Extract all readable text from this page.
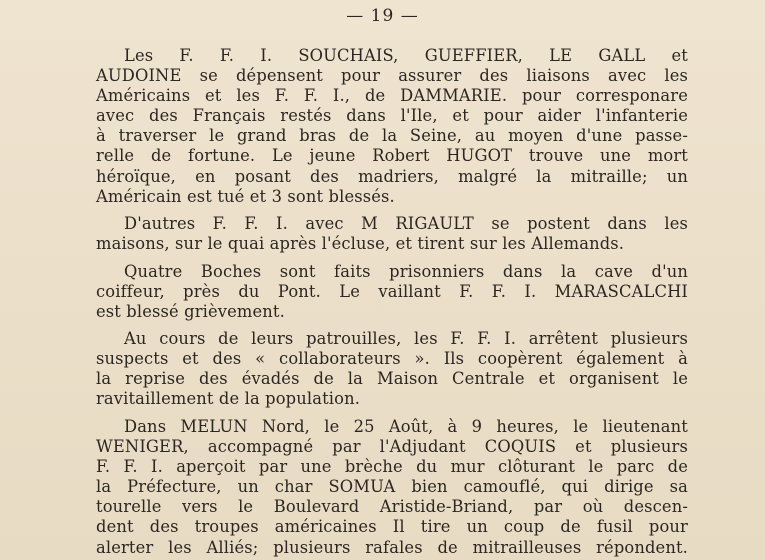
— 19 —
Les F. F. I. SOUCHAIS, GUEFFIER, LE GALL et
AUDOINE se dépensent pour assurer des liaisons avec les
Américains et les F. F. I., de DAMMARIE. pour corresponare
avec des Français restés dans l'Ile, et pour aider l'infanterie
à traverser le grand bras de la Seine, au moyen d'une passe-
relle de fortune. Le jeune Robert HUGOT trouve une mort
héroïque, en posant des madriers, malgré la mitraille; un
Américain est tué et 3 sont blessés.
D'autres F. F. I. avec M RIGAULT se postent dans les
maisons, sur le quai après l'écluse, et tirent sur les Allemands.
Quatre Boches sont faits prisonniers dans la cave d'un
coiffeur, près du Pont. Le vaillant F. F. I. MARASCALCHI
est blessé grièvement.
Au cours de leurs patrouilles, les F. F. I. arrêtent plusieurs
suspects et des « collaborateurs ». Ils coopèrent également à
la reprise des évadés de la Maison Centrale et organisent le
ravitaillement de la population.
Dans MELUN Nord, le 25 Août, à 9 heures, le lieutenant
WENIGER, accompagné par l'Adjudant COQUIS et plusieurs
F. F. I. aperçoit par une brèche du mur clôturant le parc de
la Préfecture, un char SOMUA bien camouflé, qui dirige sa
tourelle vers le Boulevard Aristide-Briand, par où descen-
dent des troupes américaines Il tire un coup de fusil pour
alerter les Alliés; plusieurs rafales de mitrailleuses répondent.
